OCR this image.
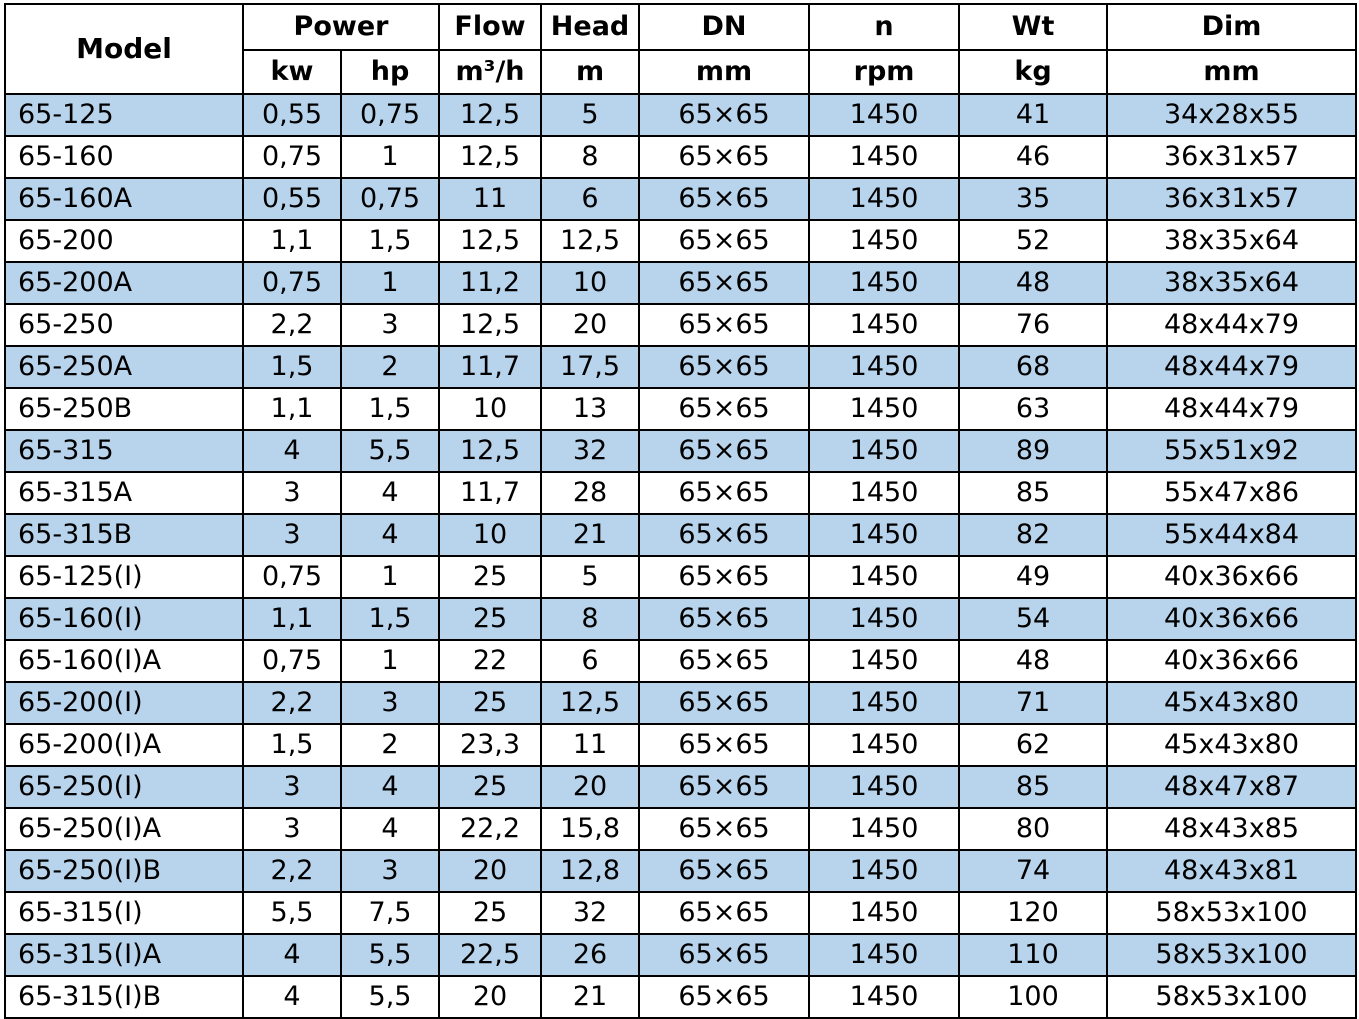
Model	Power		Flow	Head	DN	n	Wt	Dim
	kw	hp	m³/h	m	mm	rpm	kg	mm
65-125	0,55	0,75	12,5	5	65×65	1450	41	34x28x55
65-160	0,75	1	12,5	8	65×65	1450	46	36x31x57
65-160A	0,55	0,75	11	6	65×65	1450	35	36x31x57
65-200	1,1	1,5	12,5	12,5	65×65	1450	52	38x35x64
65-200A	0,75	1	11,2	10	65×65	1450	48	38x35x64
65-250	2,2	3	12,5	20	65×65	1450	76	48x44x79
65-250A	1,5	2	11,7	17,5	65×65	1450	68	48x44x79
65-250B	1,1	1,5	10	13	65×65	1450	63	48x44x79
65-315	4	5,5	12,5	32	65×65	1450	89	55x51x92
65-315A	3	4	11,7	28	65×65	1450	85	55x47x86
65-315B	3	4	10	21	65×65	1450	82	55x44x84
65-125(I)	0,75	1	25	5	65×65	1450	49	40x36x66
65-160(I)	1,1	1,5	25	8	65×65	1450	54	40x36x66
65-160(I)A	0,75	1	22	6	65×65	1450	48	40x36x66
65-200(I)	2,2	3	25	12,5	65×65	1450	71	45x43x80
65-200(I)A	1,5	2	23,3	11	65×65	1450	62	45x43x80
65-250(I)	3	4	25	20	65×65	1450	85	48x47x87
65-250(I)A	3	4	22,2	15,8	65×65	1450	80	48x43x85
65-250(I)B	2,2	3	20	12,8	65×65	1450	74	48x43x81
65-315(I)	5,5	7,5	25	32	65×65	1450	120	58x53x100
65-315(I)A	4	5,5	22,5	26	65×65	1450	110	58x53x100
65-315(I)B	4	5,5	20	21	65×65	1450	100	58x53x100
